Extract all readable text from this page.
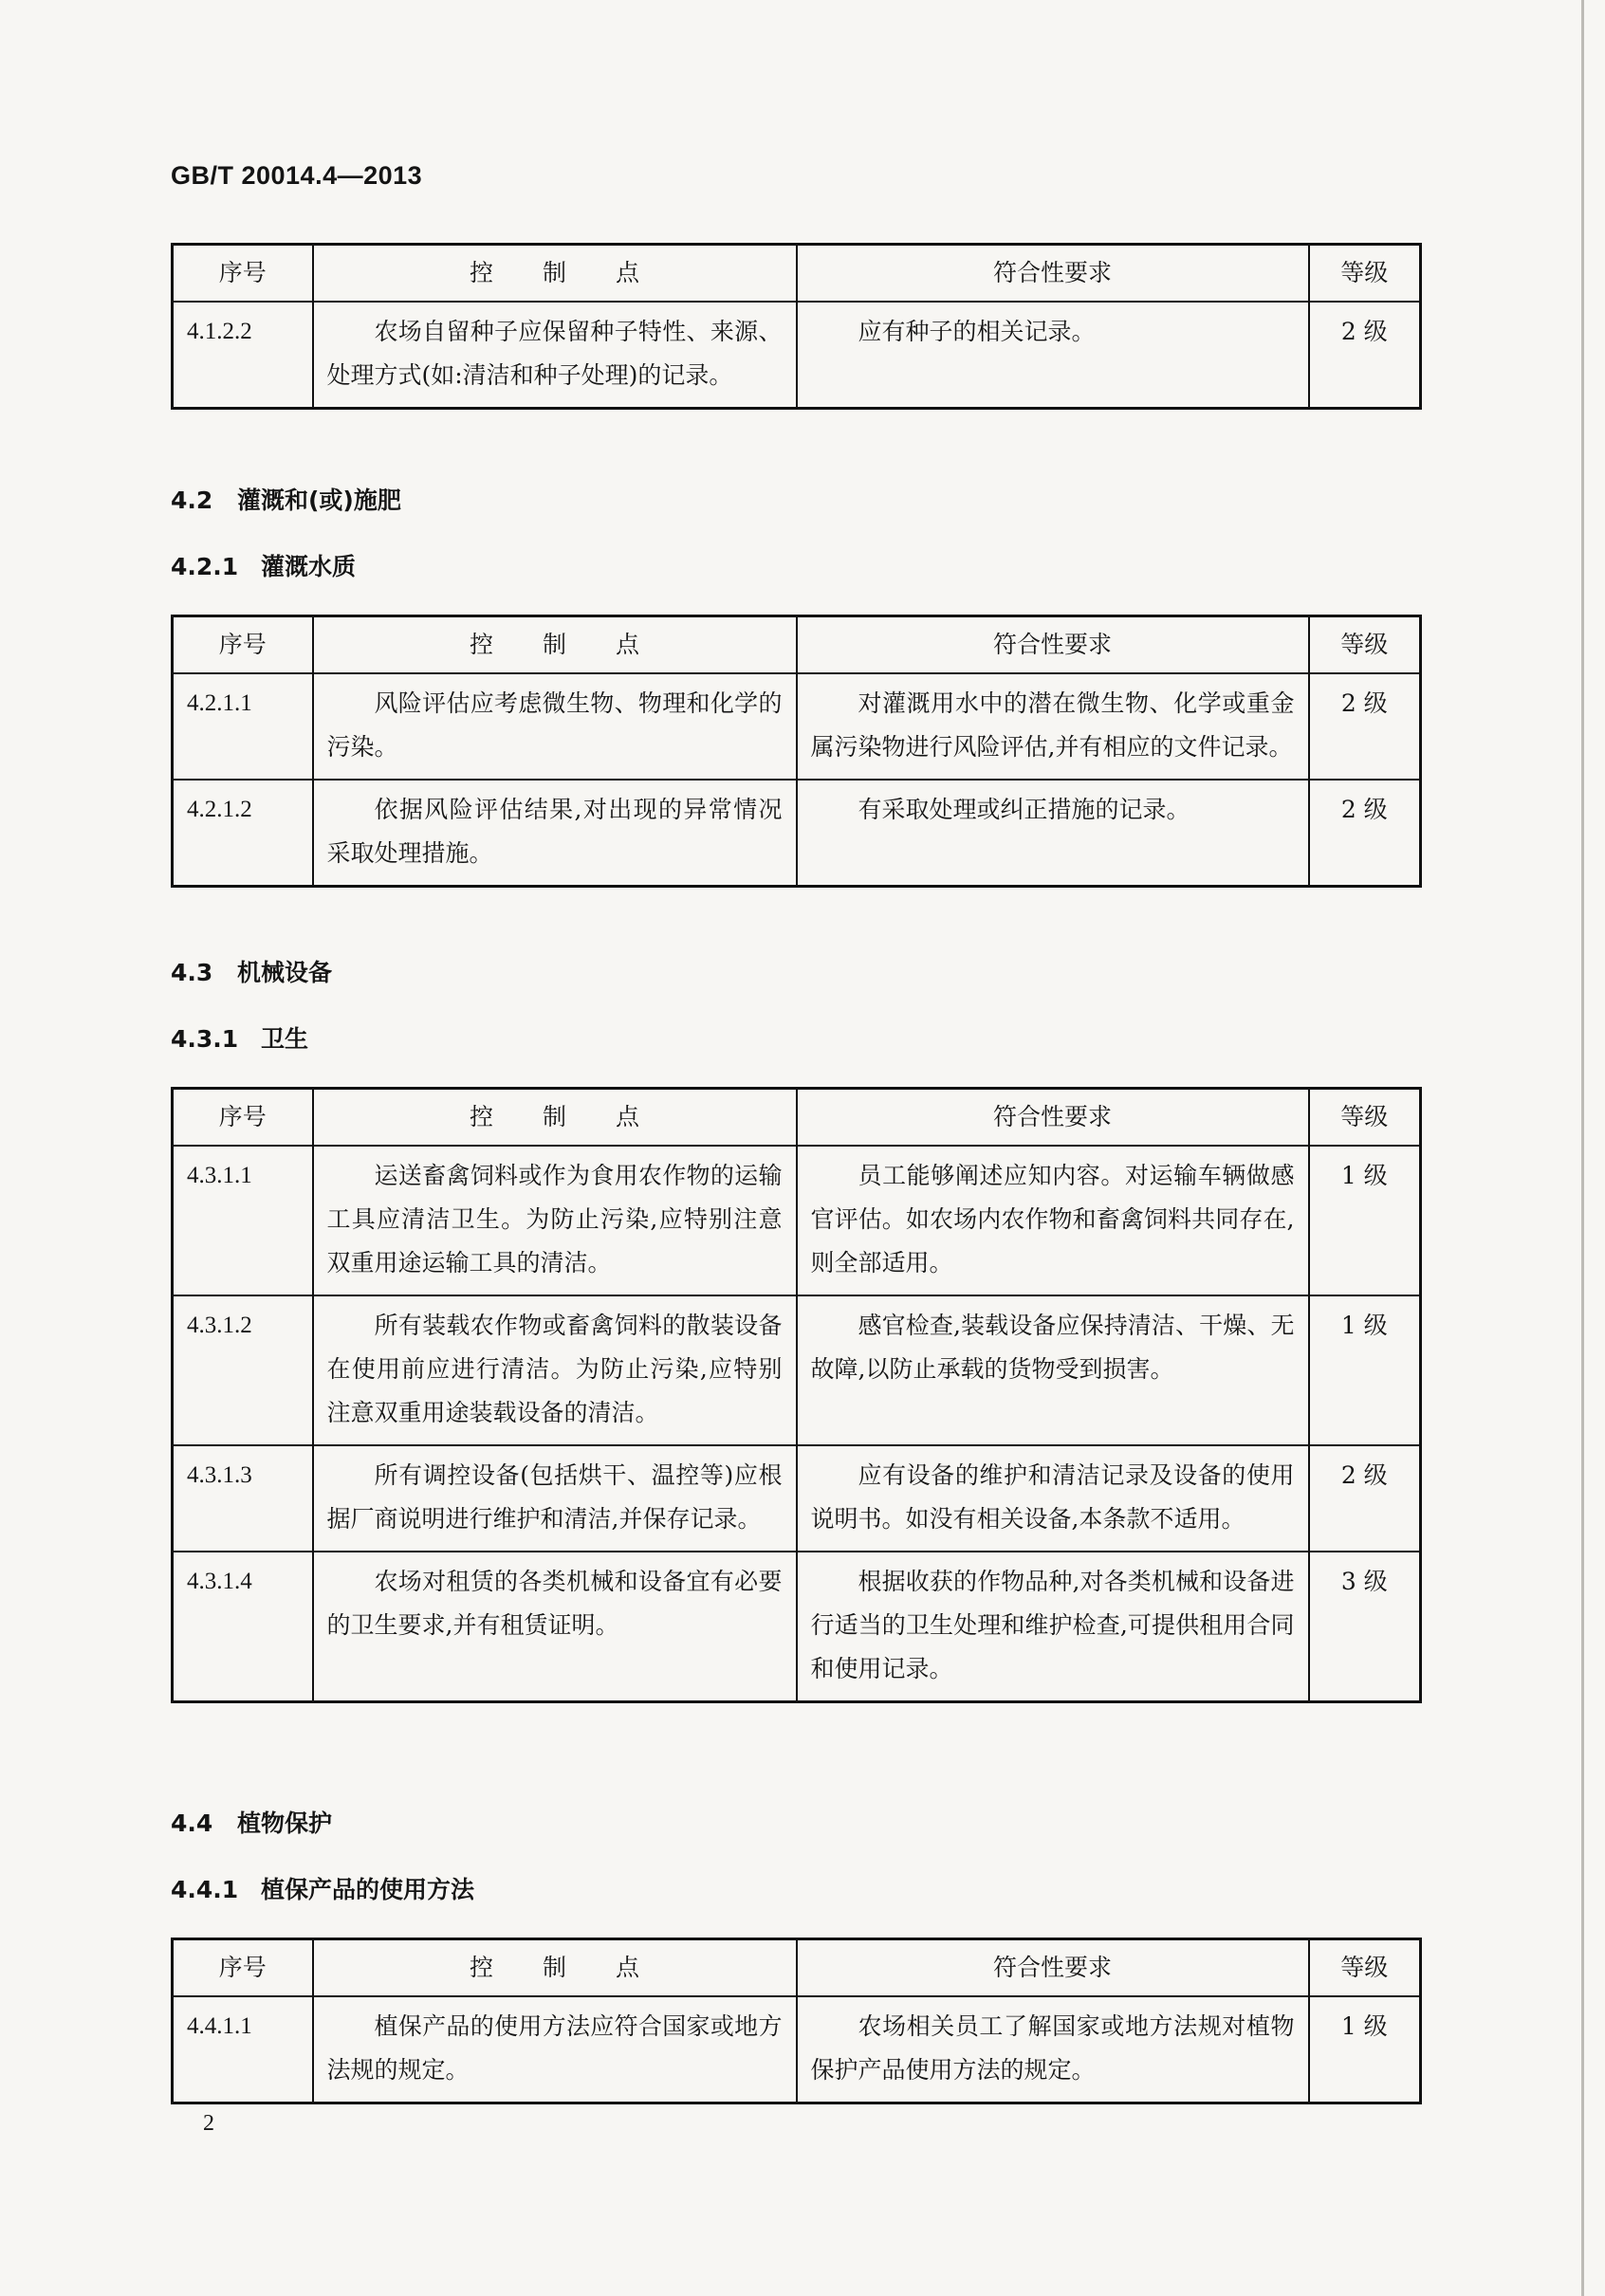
GB/T 20014.4—2013
序号	控 制 点	符合性要求	等级
4.1.2.2	农场自留种子应保留种子特性、来源、处理方式(如:清洁和种子处理)的记录。	应有种子的相关记录。	2 级
4.2 灌溉和(或)施肥
4.2.1 灌溉水质
序号	控 制 点	符合性要求	等级
4.2.1.1	风险评估应考虑微生物、物理和化学的污染。	对灌溉用水中的潜在微生物、化学或重金属污染物进行风险评估,并有相应的文件记录。	2 级
4.2.1.2	依据风险评估结果,对出现的异常情况采取处理措施。	有采取处理或纠正措施的记录。	2 级
4.3 机械设备
4.3.1 卫生
序号	控 制 点	符合性要求	等级
4.3.1.1	运送畜禽饲料或作为食用农作物的运输工具应清洁卫生。为防止污染,应特别注意双重用途运输工具的清洁。	员工能够阐述应知内容。对运输车辆做感官评估。如农场内农作物和畜禽饲料共同存在,则全部适用。	1 级
4.3.1.2	所有装载农作物或畜禽饲料的散装设备在使用前应进行清洁。为防止污染,应特别注意双重用途装载设备的清洁。	感官检查,装载设备应保持清洁、干燥、无故障,以防止承载的货物受到损害。	1 级
4.3.1.3	所有调控设备(包括烘干、温控等)应根据厂商说明进行维护和清洁,并保存记录。	应有设备的维护和清洁记录及设备的使用说明书。如没有相关设备,本条款不适用。	2 级
4.3.1.4	农场对租赁的各类机械和设备宜有必要的卫生要求,并有租赁证明。	根据收获的作物品种,对各类机械和设备进行适当的卫生处理和维护检查,可提供租用合同和使用记录。	3 级
4.4 植物保护
4.4.1 植保产品的使用方法
序号	控 制 点	符合性要求	等级
4.4.1.1	植保产品的使用方法应符合国家或地方法规的规定。	农场相关员工了解国家或地方法规对植物保护产品使用方法的规定。	1 级
2
